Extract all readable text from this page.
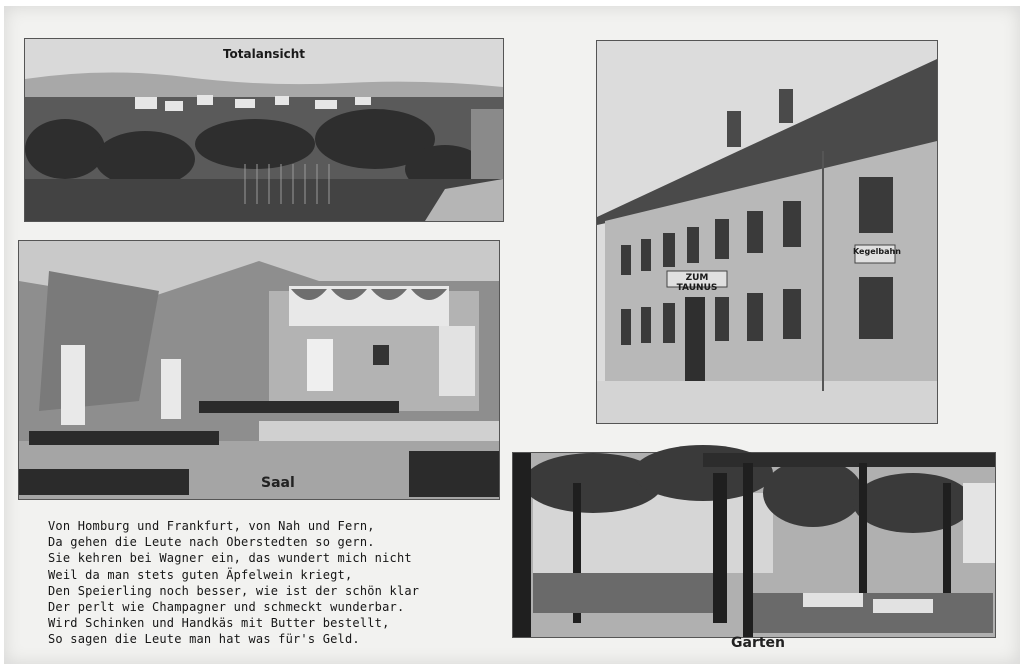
Totalansicht
Saal
ZUM TAUNUS
Kegelbahn
Garten
Von Homburg und Frankfurt, von Nah und Fern,
Da gehen die Leute nach Oberstedten so gern.
Sie kehren bei Wagner ein, das wundert mich nicht
Weil da man stets guten Äpfelwein kriegt,
Den Speierling noch besser, wie ist der schön klar
Der perlt wie Champagner und schmeckt wunderbar.
Wird Schinken und Handkäs mit Butter bestellt,
So sagen die Leute man hat was für's Geld.
